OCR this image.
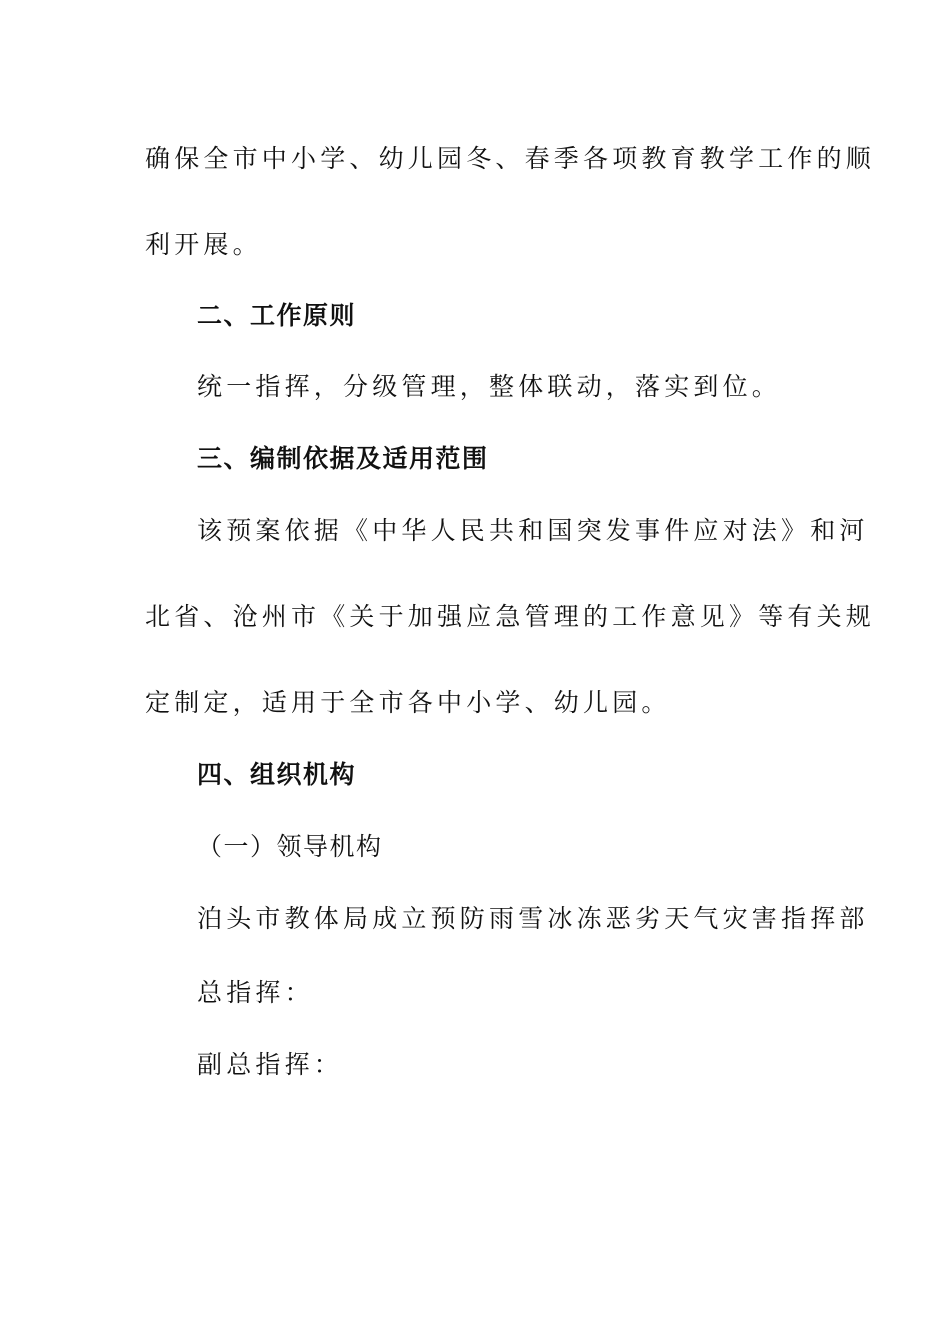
确保全市中小学、幼儿园冬、春季各项教育教学工作的顺
利开展。
二、工作原则
统一指挥，分级管理，整体联动，落实到位。
三、编制依据及适用范围
该预案依据《中华人民共和国突发事件应对法》和河
北省、沧州市《关于加强应急管理的工作意见》等有关规
定制定，适用于全市各中小学、幼儿园。
四、组织机构
（一）领导机构
泊头市教体局成立预防雨雪冰冻恶劣天气灾害指挥部
总指挥：
副总指挥：
